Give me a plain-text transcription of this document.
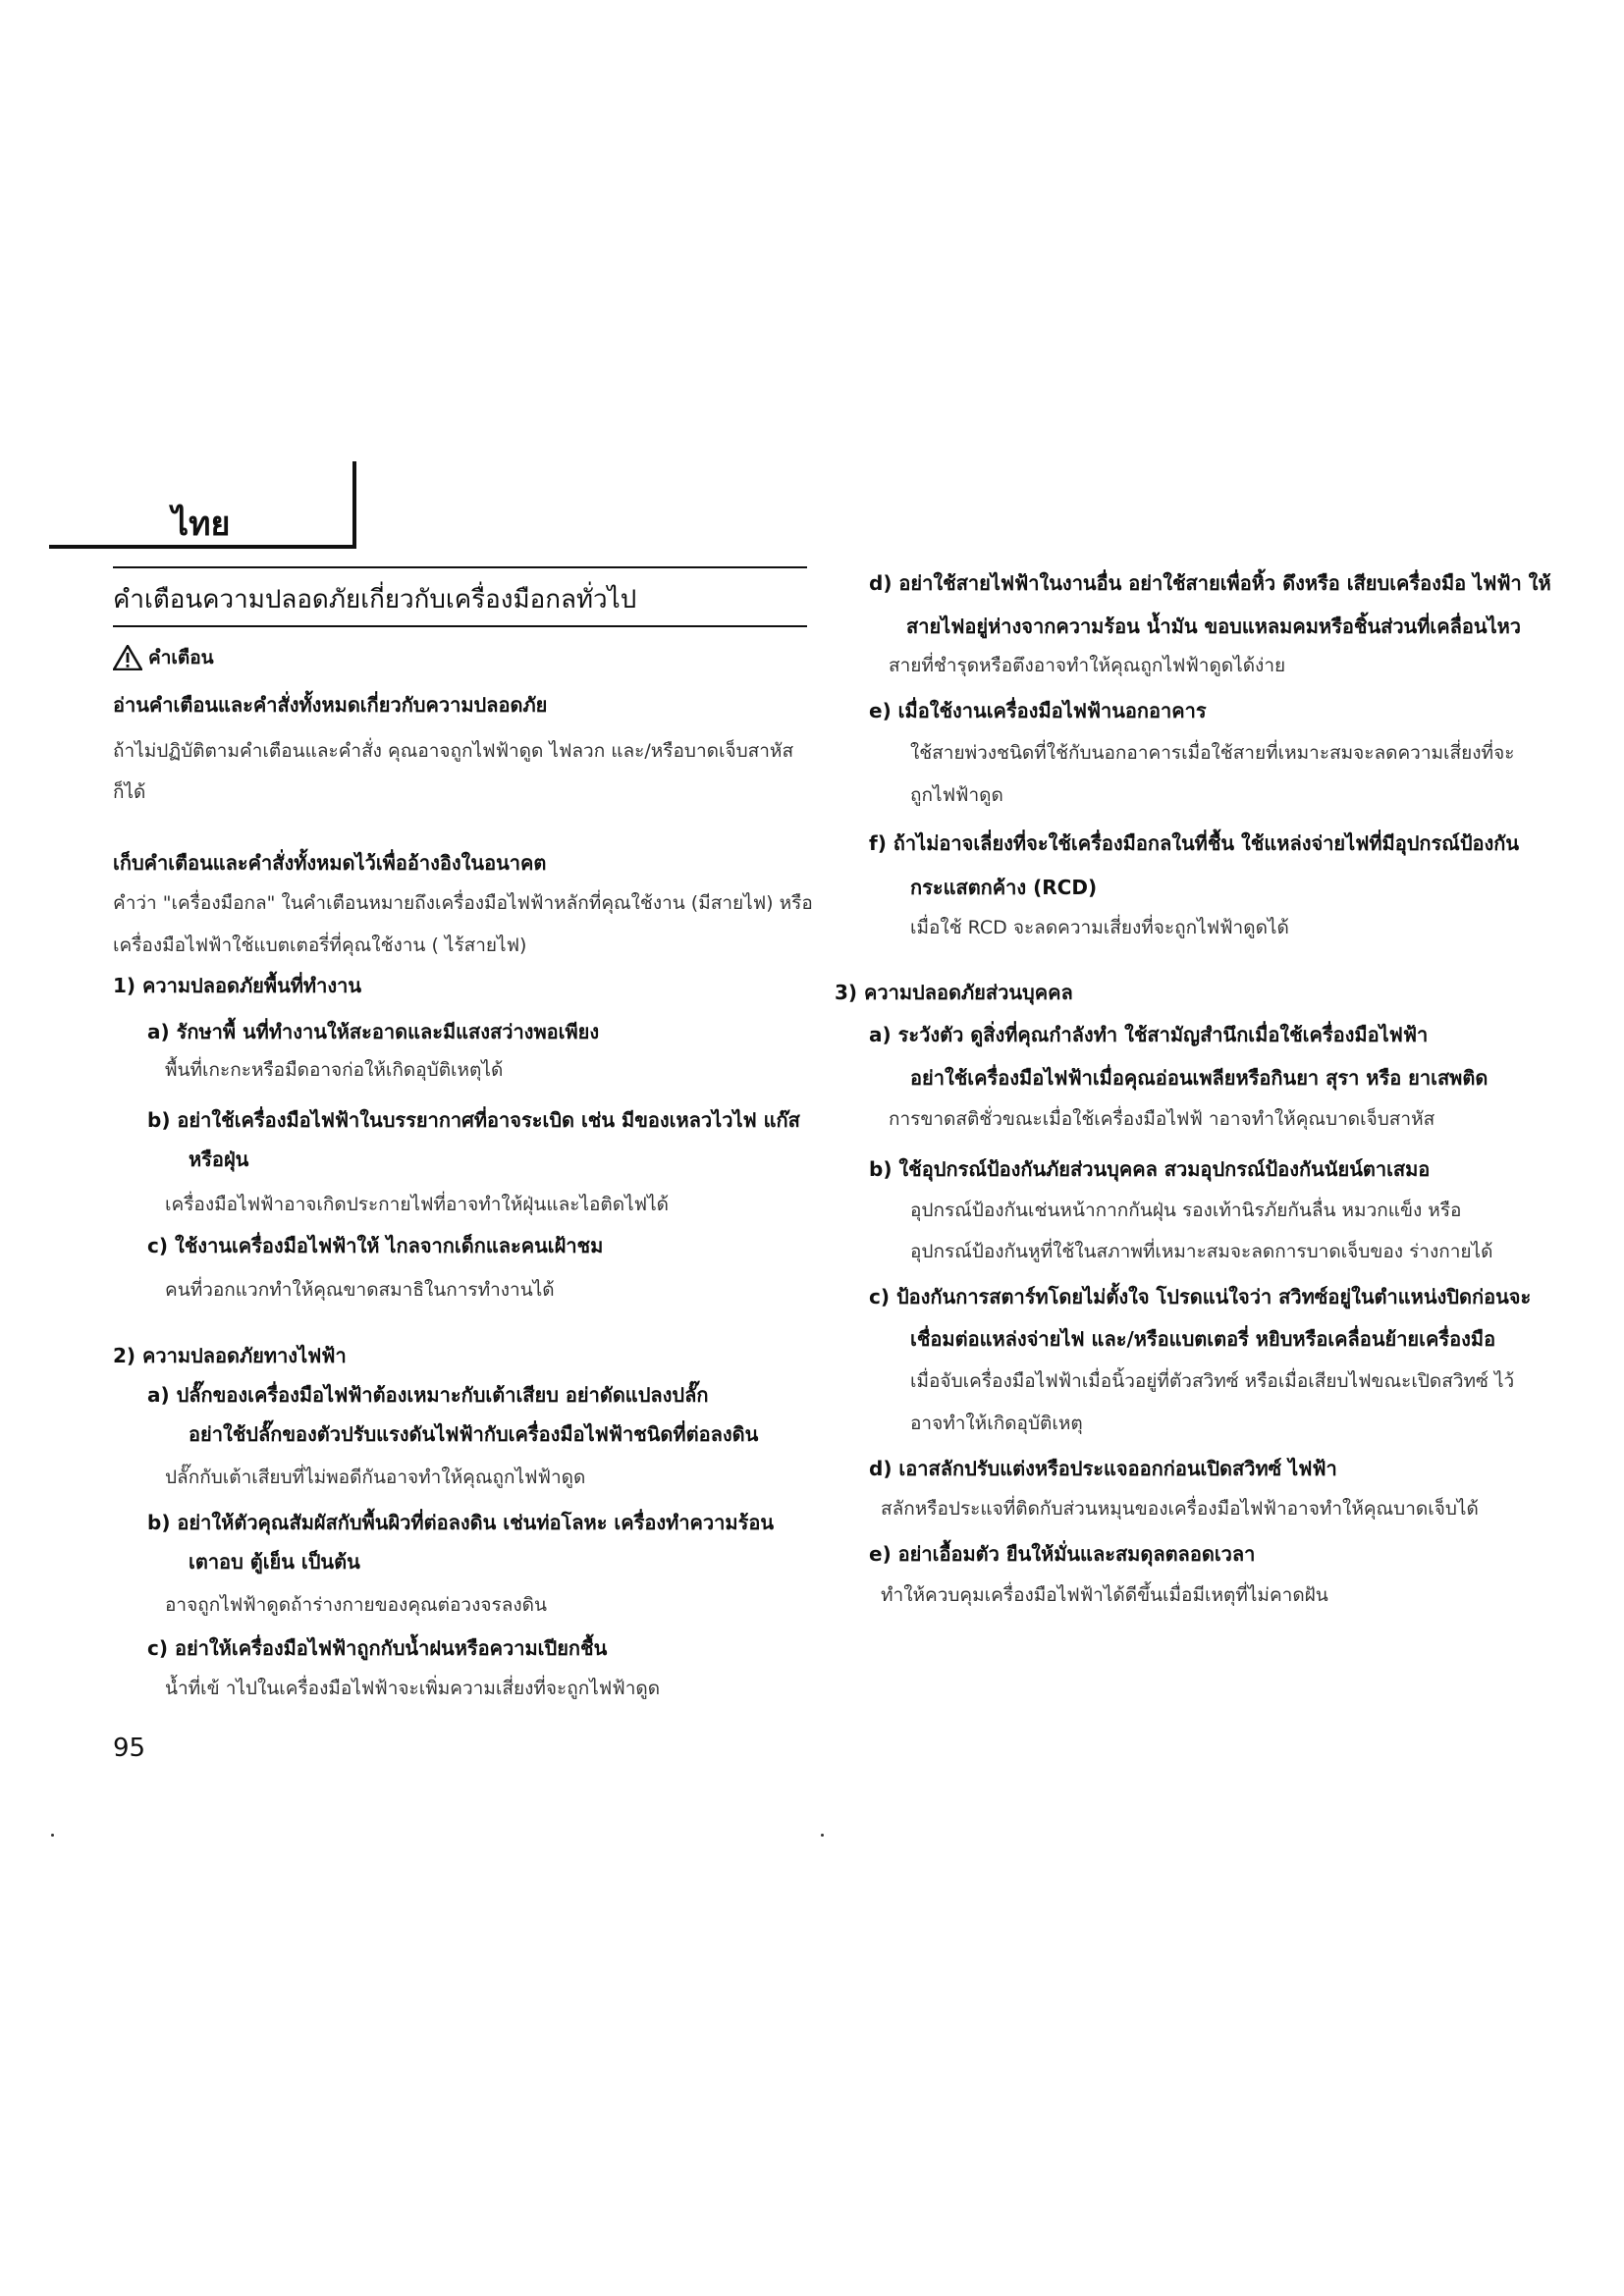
ไทย
คำเตือนความปลอดภัยเกี่ยวกับเครื่องมือกลทั่วไป
คำเตือน
อ่านคำเตือนและคำสั่งทั้งหมดเกี่ยวกับความปลอดภัย
ถ้าไม่ปฏิบัติตามคำเตือนและคำสั่ง คุณอาจถูกไฟฟ้าดูด ไฟลวก และ/หรือบาดเจ็บสาหัส
ก็ได้
เก็บคำเตือนและคำสั่งทั้งหมดไว้เพื่ออ้างอิงในอนาคต
คำว่า "เครื่องมือกล" ในคำเตือนหมายถึงเครื่องมือไฟฟ้าหลักที่คุณใช้งาน (มีสายไฟ) หรือ
เครื่องมือไฟฟ้าใช้แบตเตอรี่ที่คุณใช้งาน ( ไร้สายไฟ)
1) ความปลอดภัยพื้นที่ทำงาน
a) รักษาพื้ นที่ทำงานให้สะอาดและมีแสงสว่างพอเพียง
พื้นที่เกะกะหรือมืดอาจก่อให้เกิดอุบัติเหตุได้
b) อย่าใช้เครื่องมือไฟฟ้าในบรรยากาศที่อาจระเบิด เช่น มีของเหลวไวไฟ แก๊ส
หรือฝุ่น
เครื่องมือไฟฟ้าอาจเกิดประกายไฟที่อาจทำให้ฝุ่นและไอติดไฟได้
c) ใช้งานเครื่องมือไฟฟ้าให้ ไกลจากเด็กและคนเฝ้าชม
คนที่วอกแวกทำให้คุณขาดสมาธิในการทำงานได้
2) ความปลอดภัยทางไฟฟ้า
a) ปลั๊กของเครื่องมือไฟฟ้าต้องเหมาะกับเต้าเสียบ อย่าดัดแปลงปลั๊ก
อย่าใช้ปลั๊กของตัวปรับแรงดันไฟฟ้ากับเครื่องมือไฟฟ้าชนิดที่ต่อลงดิน
ปลั๊กกับเต้าเสียบที่ไม่พอดีกันอาจทำให้คุณถูกไฟฟ้าดูด
b) อย่าให้ตัวคุณสัมผัสกับพื้นผิวที่ต่อลงดิน เช่นท่อโลหะ เครื่องทำความร้อน
เตาอบ ตู้เย็น เป็นต้น
อาจถูกไฟฟ้าดูดถ้าร่างกายของคุณต่อวงจรลงดิน
c) อย่าให้เครื่องมือไฟฟ้าถูกกับน้ำฝนหรือความเปียกชื้น
น้ำที่เข้ าไปในเครื่องมือไฟฟ้าจะเพิ่มความเสี่ยงที่จะถูกไฟฟ้าดูด
95
d) อย่าใช้สายไฟฟ้าในงานอื่น อย่าใช้สายเพื่อหิ้ว ดึงหรือ เสียบเครื่องมือ ไฟฟ้า ให้
สายไฟอยู่ห่างจากความร้อน น้ำมัน ขอบแหลมคมหรือชิ้นส่วนที่เคลื่อนไหว
สายที่ชำรุดหรือตึงอาจทำให้คุณถูกไฟฟ้าดูดได้ง่าย
e) เมื่อใช้งานเครื่องมือไฟฟ้านอกอาคาร
ใช้สายพ่วงชนิดที่ใช้กับนอกอาคารเมื่อใช้สายที่เหมาะสมจะลดความเสี่ยงที่จะ
ถูกไฟฟ้าดูด
f) ถ้าไม่อาจเลี่ยงที่จะใช้เครื่องมือกลในที่ชื้น ใช้แหล่งจ่ายไฟที่มีอุปกรณ์ป้องกัน
กระแสตกค้าง (RCD)
เมื่อใช้ RCD จะลดความเสี่ยงที่จะถูกไฟฟ้าดูดได้
3) ความปลอดภัยส่วนบุคคล
a) ระวังตัว ดูสิ่งที่คุณกำลังทำ ใช้สามัญสำนึกเมื่อใช้เครื่องมือไฟฟ้า
อย่าใช้เครื่องมือไฟฟ้าเมื่อคุณอ่อนเพลียหรือกินยา สุรา หรือ ยาเสพติด
การขาดสติชั่วขณะเมื่อใช้เครื่องมือไฟฟ้ าอาจทำให้คุณบาดเจ็บสาหัส
b) ใช้อุปกรณ์ป้องกันภัยส่วนบุคคล สวมอุปกรณ์ป้องกันนัยน์ตาเสมอ
อุปกรณ์ป้องกันเช่นหน้ากากกันฝุ่น รองเท้านิรภัยกันลื่น หมวกแข็ง หรือ
อุปกรณ์ป้องกันหูที่ใช้ในสภาพที่เหมาะสมจะลดการบาดเจ็บของ ร่างกายได้
c) ป้องกันการสตาร์ทโดยไม่ตั้งใจ โปรดแน่ใจว่า สวิทซ์อยู่ในตำแหน่งปิดก่อนจะ
เชื่อมต่อแหล่งจ่ายไฟ และ/หรือแบตเตอรี่ หยิบหรือเคลื่อนย้ายเครื่องมือ
เมื่อจับเครื่องมือไฟฟ้าเมื่อนิ้วอยู่ที่ตัวสวิทซ์ หรือเมื่อเสียบไฟขณะเปิดสวิทซ์ ไว้
อาจทำให้เกิดอุบัติเหตุ
d) เอาสลักปรับแต่งหรือประแจออกก่อนเปิดสวิทซ์ ไฟฟ้า
สลักหรือประแจที่ติดกับส่วนหมุนของเครื่องมือไฟฟ้าอาจทำให้คุณบาดเจ็บได้
e) อย่าเอื้อมตัว ยืนให้มั่นและสมดุลตลอดเวลา
ทำให้ควบคุมเครื่องมือไฟฟ้าได้ดีขึ้นเมื่อมีเหตุที่ไม่คาดฝัน
